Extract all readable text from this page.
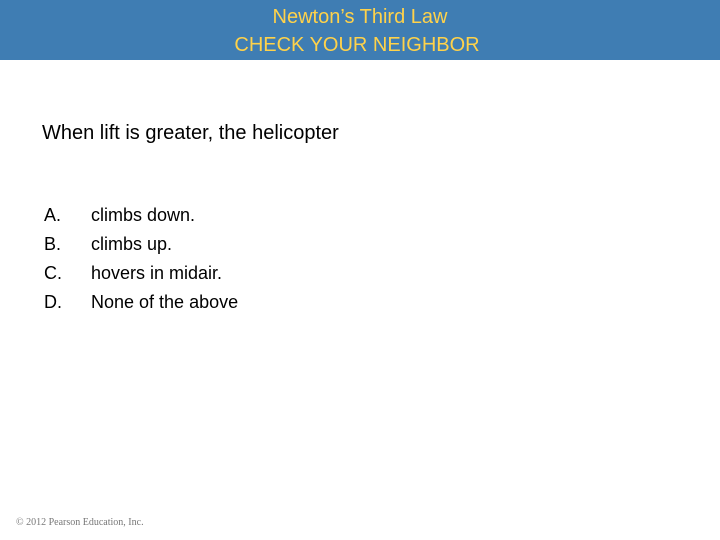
Newton’s Third Law
CHECK YOUR NEIGHBOR
When lift is greater, the helicopter
A. climbs down.
B. climbs up.
C. hovers in midair.
D. None of the above
© 2012 Pearson Education, Inc.
